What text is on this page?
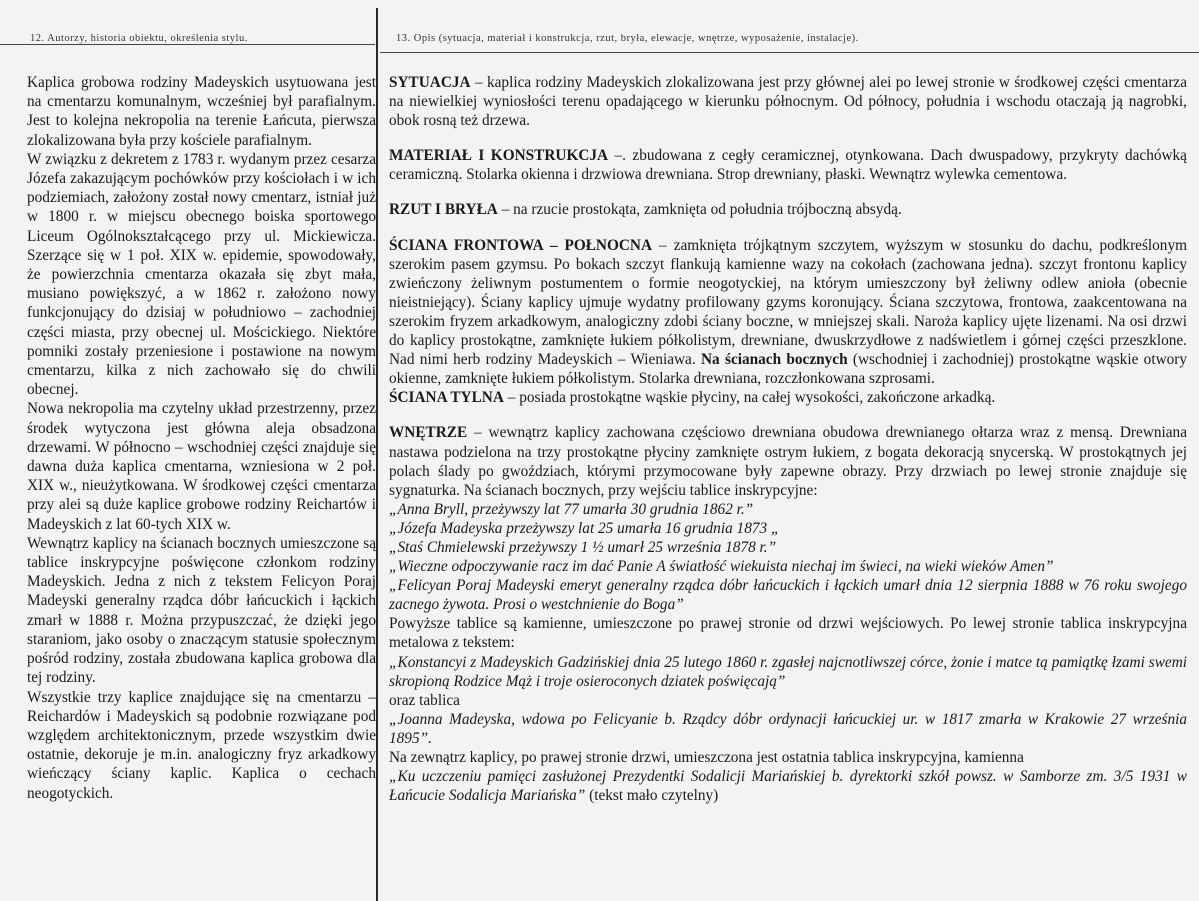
12. Autorzy, historia obiektu, określenia stylu.	13. Opis (sytuacja, materiał i konstrukcja, rzut, bryła, elewacje, wnętrze, wyposażenie, instalacje).

Kaplica grobowa rodziny Madeyskich usytuowana jest na cmentarzu komunalnym, wcześniej był parafialnym. Jest to kolejna nekropolia na terenie Łańcuta, pierwsza zlokalizowana była przy kościele parafialnym.

W związku z dekretem z 1783 r. wydanym przez cesarza Józefa zakazującym pochówków przy kościołach i w ich podziemiach, założony został nowy cmentarz, istniał już w 1800 r. w miejscu obecnego boiska sportowego Liceum Ogólnokształcącego przy ul. Mickiewicza. Szerzące się w 1 poł. XIX w. epidemie, spowodowały, że powierzchnia cmentarza okazała się zbyt mała, musiano powiększyć, a w 1862 r. założono nowy funkcjonujący do dzisiaj w południowo – zachodniej części miasta, przy obecnej ul. Mościckiego. Niektóre pomniki zostały przeniesione i postawione na nowym cmentarzu, kilka z nich zachowało się do chwili obecnej.

Nowa nekropolia ma czytelny układ przestrzenny, przez środek wytyczona jest główna aleja obsadzona drzewami. W północno – wschodniej części znajduje się dawna duża kaplica cmentarna, wzniesiona w 2 poł. XIX w., nieużytkowana. W środkowej części cmentarza przy alei są duże kaplice grobowe rodziny Reichartów i Madeyskich z lat 60-tych XIX w.

Wewnątrz kaplicy na ścianach bocznych umieszczone są tablice inskrypcyjne poświęcone członkom rodziny Madeyskich. Jedna z nich z tekstem Felicyon Poraj Madeyski generalny rządca dóbr łańcuckich i łąckich zmarł w 1888 r. Można przypuszczać, że dzięki jego staraniom, jako osoby o znaczącym statusie społecznym pośród rodziny, została zbudowana kaplica grobowa dla tej rodziny.

Wszystkie trzy kaplice znajdujące się na cmentarzu – Reichardów i Madeyskich są podobnie rozwiązane pod względem architektonicznym, przede wszystkim dwie ostatnie, dekoruje je m.in. analogiczny fryz arkadkowy wieńczący ściany kaplic. Kaplica o cechach neogotyckich.

SYTUACJA – kaplica rodziny Madeyskich zlokalizowana jest przy głównej alei po lewej stronie w środkowej części cmentarza na niewielkiej wyniosłości terenu opadającego w kierunku północnym. Od północy, południa i wschodu otaczają ją nagrobki, obok rosną też drzewa.

MATERIAŁ I KONSTRUKCJA –. zbudowana z cegły ceramicznej, otynkowana. Dach dwuspadowy, przykryty dachówką ceramiczną. Stolarka okienna i drzwiowa drewniana. Strop drewniany, płaski. Wewnątrz wylewka cementowa.

RZUT I BRYŁA – na rzucie prostokąta, zamknięta od południa trójboczną absydą.

ŚCIANA FRONTOWA – POŁNOCNA – zamknięta trójkątnym szczytem, wyższym w stosunku do dachu, podkreślonym szerokim pasem gzymsu. Po bokach szczyt flankują kamienne wazy na cokołach (zachowana jedna). szczyt frontonu kaplicy zwieńczony żeliwnym postumentem o formie neogotyckiej, na którym umieszczony był żeliwny odlew anioła (obecnie nieistniejący). Ściany kaplicy ujmuje wydatny profilowany gzyms koronujący. Ściana szczytowa, frontowa, zaakcentowana na szerokim fryzem arkadkowym, analogiczny zdobi ściany boczne, w mniejszej skali. Naroża kaplicy ujęte lizenami. Na osi drzwi do kaplicy prostokątne, zamknięte łukiem półkolistym, drewniane, dwuskrzydłowe z nadświetlem i górnej części przeszklone. Nad nimi herb rodziny Madeyskich – Wieniawa. Na ścianach bocznych (wschodniej i zachodniej) prostokątne wąskie otwory okienne, zamknięte łukiem półkolistym. Stolarka drewniana, rozczłonkowana szprosami.

ŚCIANA TYLNA – posiada prostokątne wąskie płyciny, na całej wysokości, zakończone arkadką.

WNĘTRZE – wewnątrz kaplicy zachowana częściowo drewniana obudowa drewnianego ołtarza wraz z mensą. Drewniana nastawa podzielona na trzy prostokątne płyciny zamknięte ostrym łukiem, z bogata dekoracją snycerską. W prostokątnych jej polach ślady po gwoździach, którymi przymocowane były zapewne obrazy. Przy drzwiach po lewej stronie znajduje się sygnaturka. Na ścianach bocznych, przy wejściu tablice inskrypcyjne:
„Anna Bryll, przeżywszy lat 77 umarła 30 grudnia 1862 r.”
„Józefa Madeyska przeżywszy lat 25 umarła 16 grudnia 1873 „
„Staś Chmielewski przeżywszy 1 ½ umarł 25 września 1878 r.”
„Wieczne odpoczywanie racz im dać Panie A światłość wiekuista niechaj im świeci, na wieki wieków Amen”
„Felicyan Poraj Madeyski emeryt generalny rządca dóbr łańcuckich i łąckich umarł dnia 12 sierpnia 1888 w 76 roku swojego zacnego żywota. Prosi o westchnienie do Boga”
Powyższe tablice są kamienne, umieszczone po prawej stronie od drzwi wejściowych. Po lewej stronie tablica inskrypcyjna metalowa z tekstem:
„Konstancyi z Madeyskich Gadzińskiej dnia 25 lutego 1860 r. zgasłej najcnotliwszej córce, żonie i matce tą pamiątkę łzami swemi skropioną Rodzice Mąż i troje osieroconych dziatek poświęcają”
oraz tablica
„Joanna Madeyska, wdowa po Felicyanie b. Rządcy dóbr ordynacji łańcuckiej ur. w 1817 zmarła w Krakowie 27 września 1895”.
Na zewnątrz kaplicy, po prawej stronie drzwi, umieszczona jest ostatnia tablica inskrypcyjna, kamienna
„Ku uczczeniu pamięci zasłużonej Prezydentki Sodalicji Mariańskiej b. dyrektorki szkół powsz. w Samborze zm. 3/5 1931 w Łańcucie Sodalicja Mariańska” (tekst mało czytelny)
